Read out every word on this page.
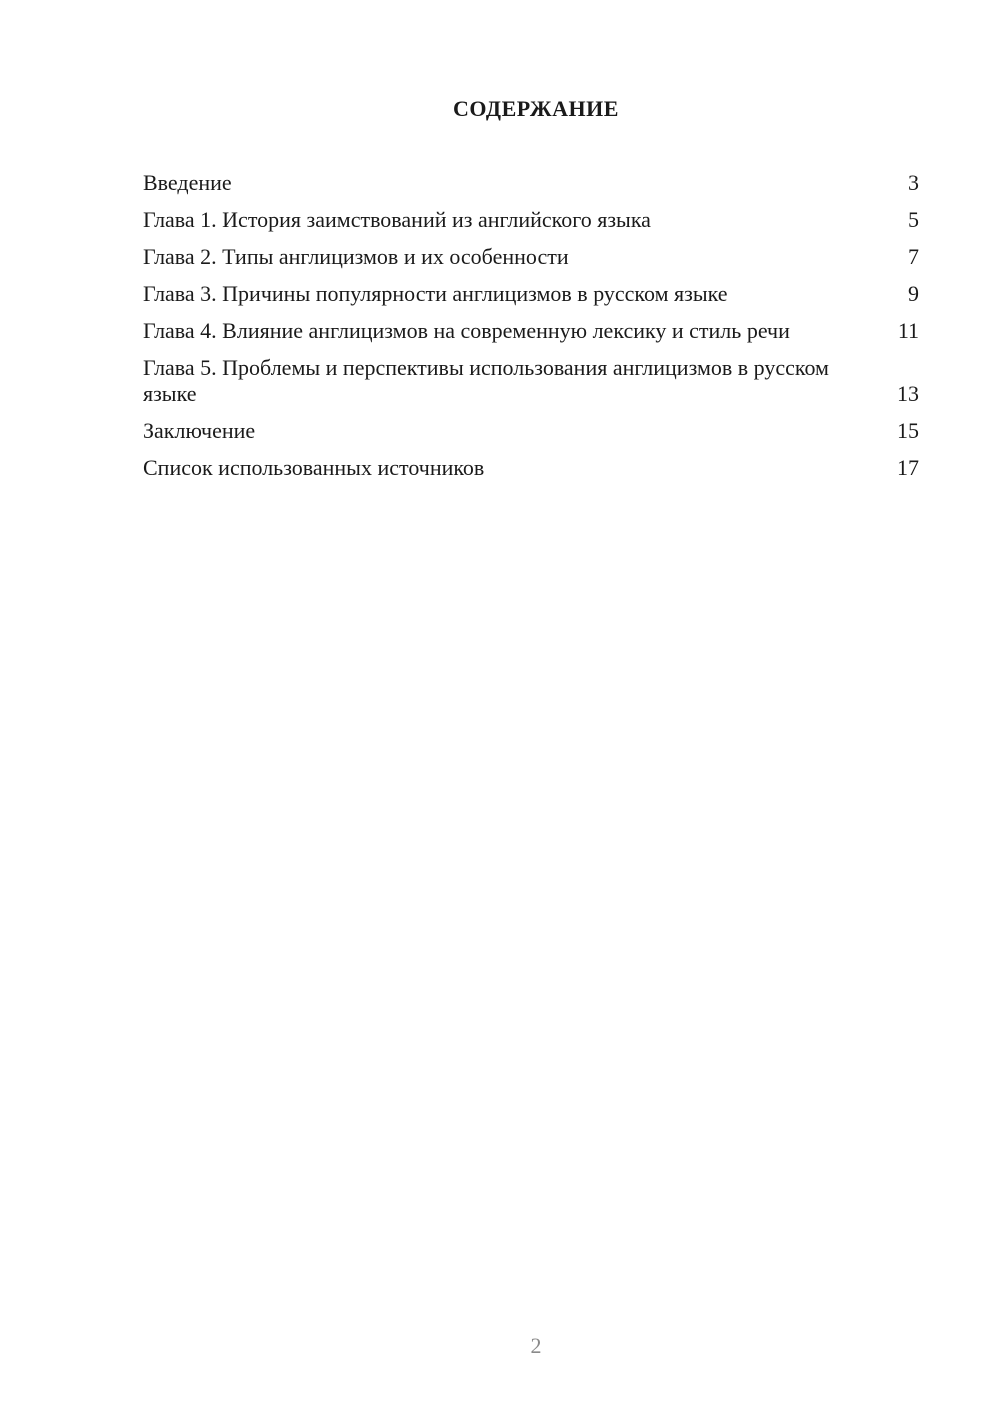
СОДЕРЖАНИЕ
Введение	3
Глава 1. История заимствований из английского языка	5
Глава 2. Типы англицизмов и их особенности	7
Глава 3. Причины популярности англицизмов в русском языке	9
Глава 4. Влияние англицизмов на современную лексику и стиль речи	11
Глава 5. Проблемы и перспективы использования англицизмов в русском языке	13
Заключение	15
Список использованных источников	17
2
